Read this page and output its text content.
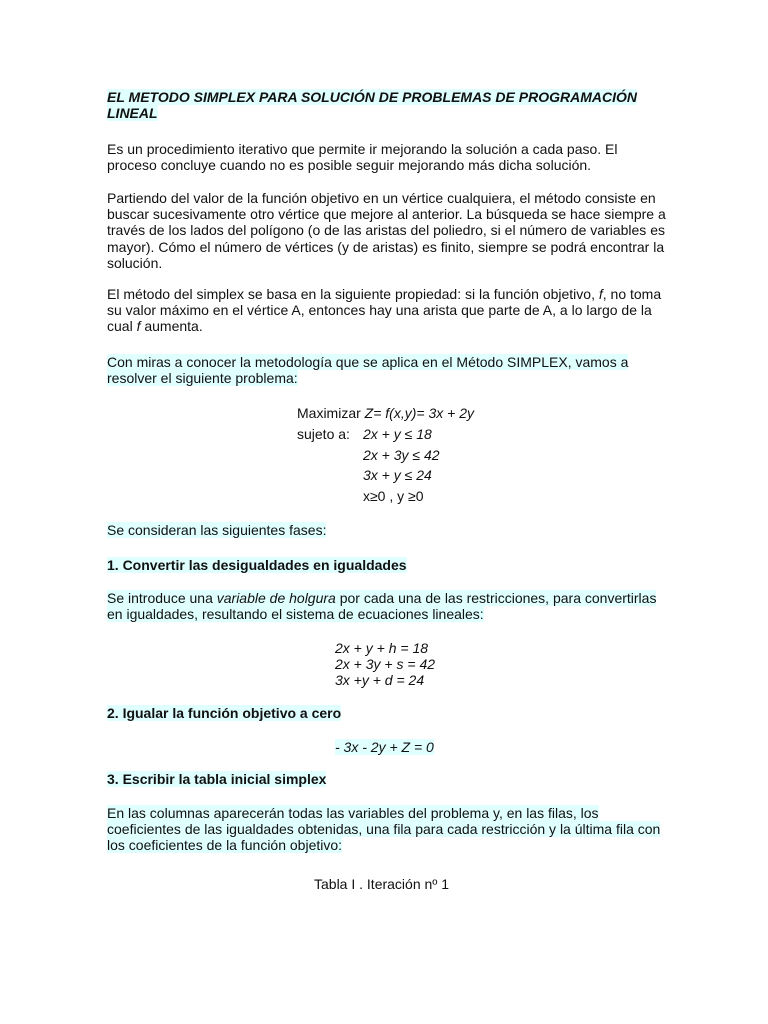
EL METODO SIMPLEX PARA SOLUCIÓN DE PROBLEMAS DE PROGRAMACIÓN LINEAL

Es un procedimiento iterativo que permite ir mejorando la solución a cada paso. El proceso concluye cuando no es posible seguir mejorando más dicha solución.

Partiendo del valor de la función objetivo en un vértice cualquiera, el método consiste en buscar sucesivamente otro vértice que mejore al anterior. La búsqueda se hace siempre a través de los lados del polígono (o de las aristas del poliedro, si el número de variables es mayor). Cómo el número de vértices (y de aristas) es finito, siempre se podrá encontrar la solución.

El método del simplex se basa en la siguiente propiedad: si la función objetivo, f, no toma su valor máximo en el vértice A, entonces hay una arista que parte de A, a lo largo de la cual f aumenta.

Con miras a conocer la metodología que se aplica en el Método SIMPLEX, vamos a resolver el siguiente problema:

Maximizar Z= f(x,y)= 3x + 2y
sujeto a: 2x + y ≤ 18
2x + 3y ≤ 42
3x + y ≤ 24
x≥0 , y ≥0

Se consideran las siguientes fases:

1. Convertir las desigualdades en igualdades

Se introduce una variable de holgura por cada una de las restricciones, para convertirlas en igualdades, resultando el sistema de ecuaciones lineales:

2x + y + h = 18
2x + 3y + s = 42
3x +y + d = 24

2. Igualar la función objetivo a cero

- 3x - 2y + Z = 0

3. Escribir la tabla inicial simplex

En las columnas aparecerán todas las variables del problema y, en las filas, los coeficientes de las igualdades obtenidas, una fila para cada restricción y la última fila con los coeficientes de la función objetivo:

Tabla I . Iteración nº 1
